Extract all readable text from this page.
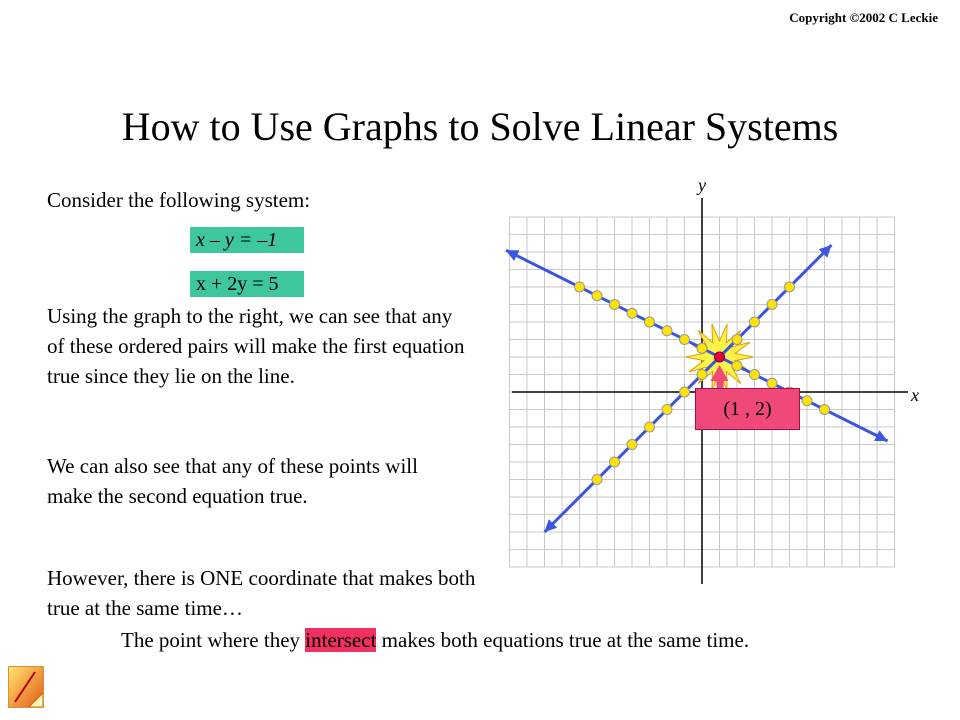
Copyright ©2002 C Leckie
How to Use Graphs to Solve Linear Systems
Consider the following system:
x – y = –1
x + 2y = 5
Using the graph to the right, we can see that any of these ordered pairs will make the first equation true since they lie on the line.
We can also see that any of these points will make the second equation true.
However, there is ONE coordinate that makes both true at the same time…
The point where they intersect makes both equations true at the same time.
x
y
(1 , 2)
